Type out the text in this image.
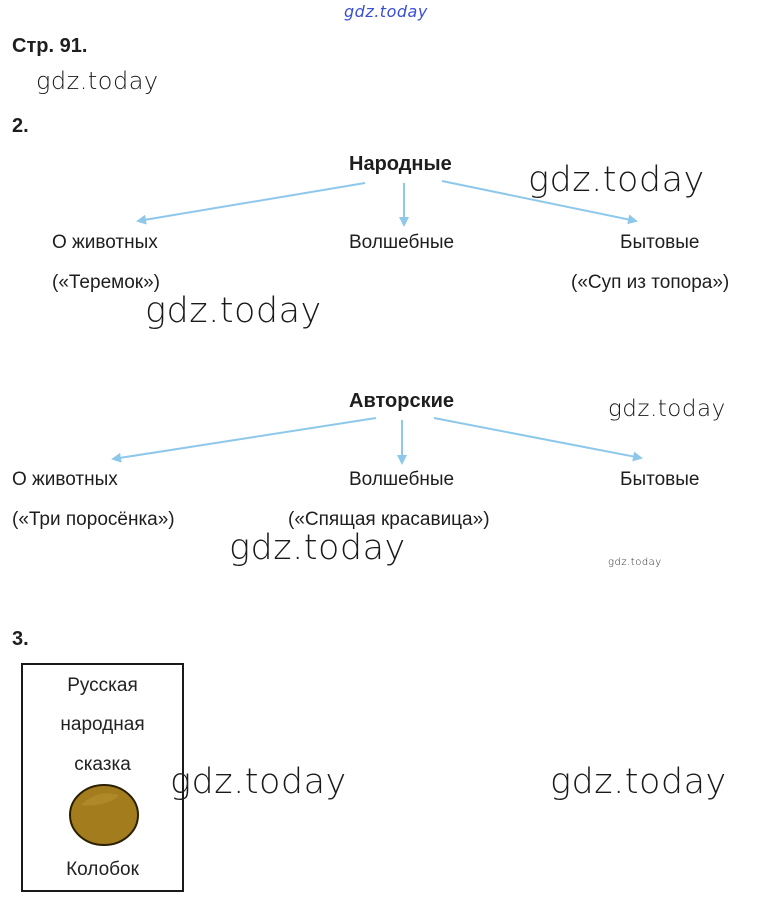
gdz.today
gdz.today
gdz.today
gdz.today
gdz.today
gdz.today	gdz.today
gdz.today	gdz.today
Стр. 91.
2.
Народные
О животных
(«Теремок»)
Волшебные	Бытовые
(«Суп из топора»)
Авторские
О животных
(«Три поросёнка»)
Волшебные
(«Спящая красавица»)
Бытовые
3.
Русская
народная
сказка
Колобок
